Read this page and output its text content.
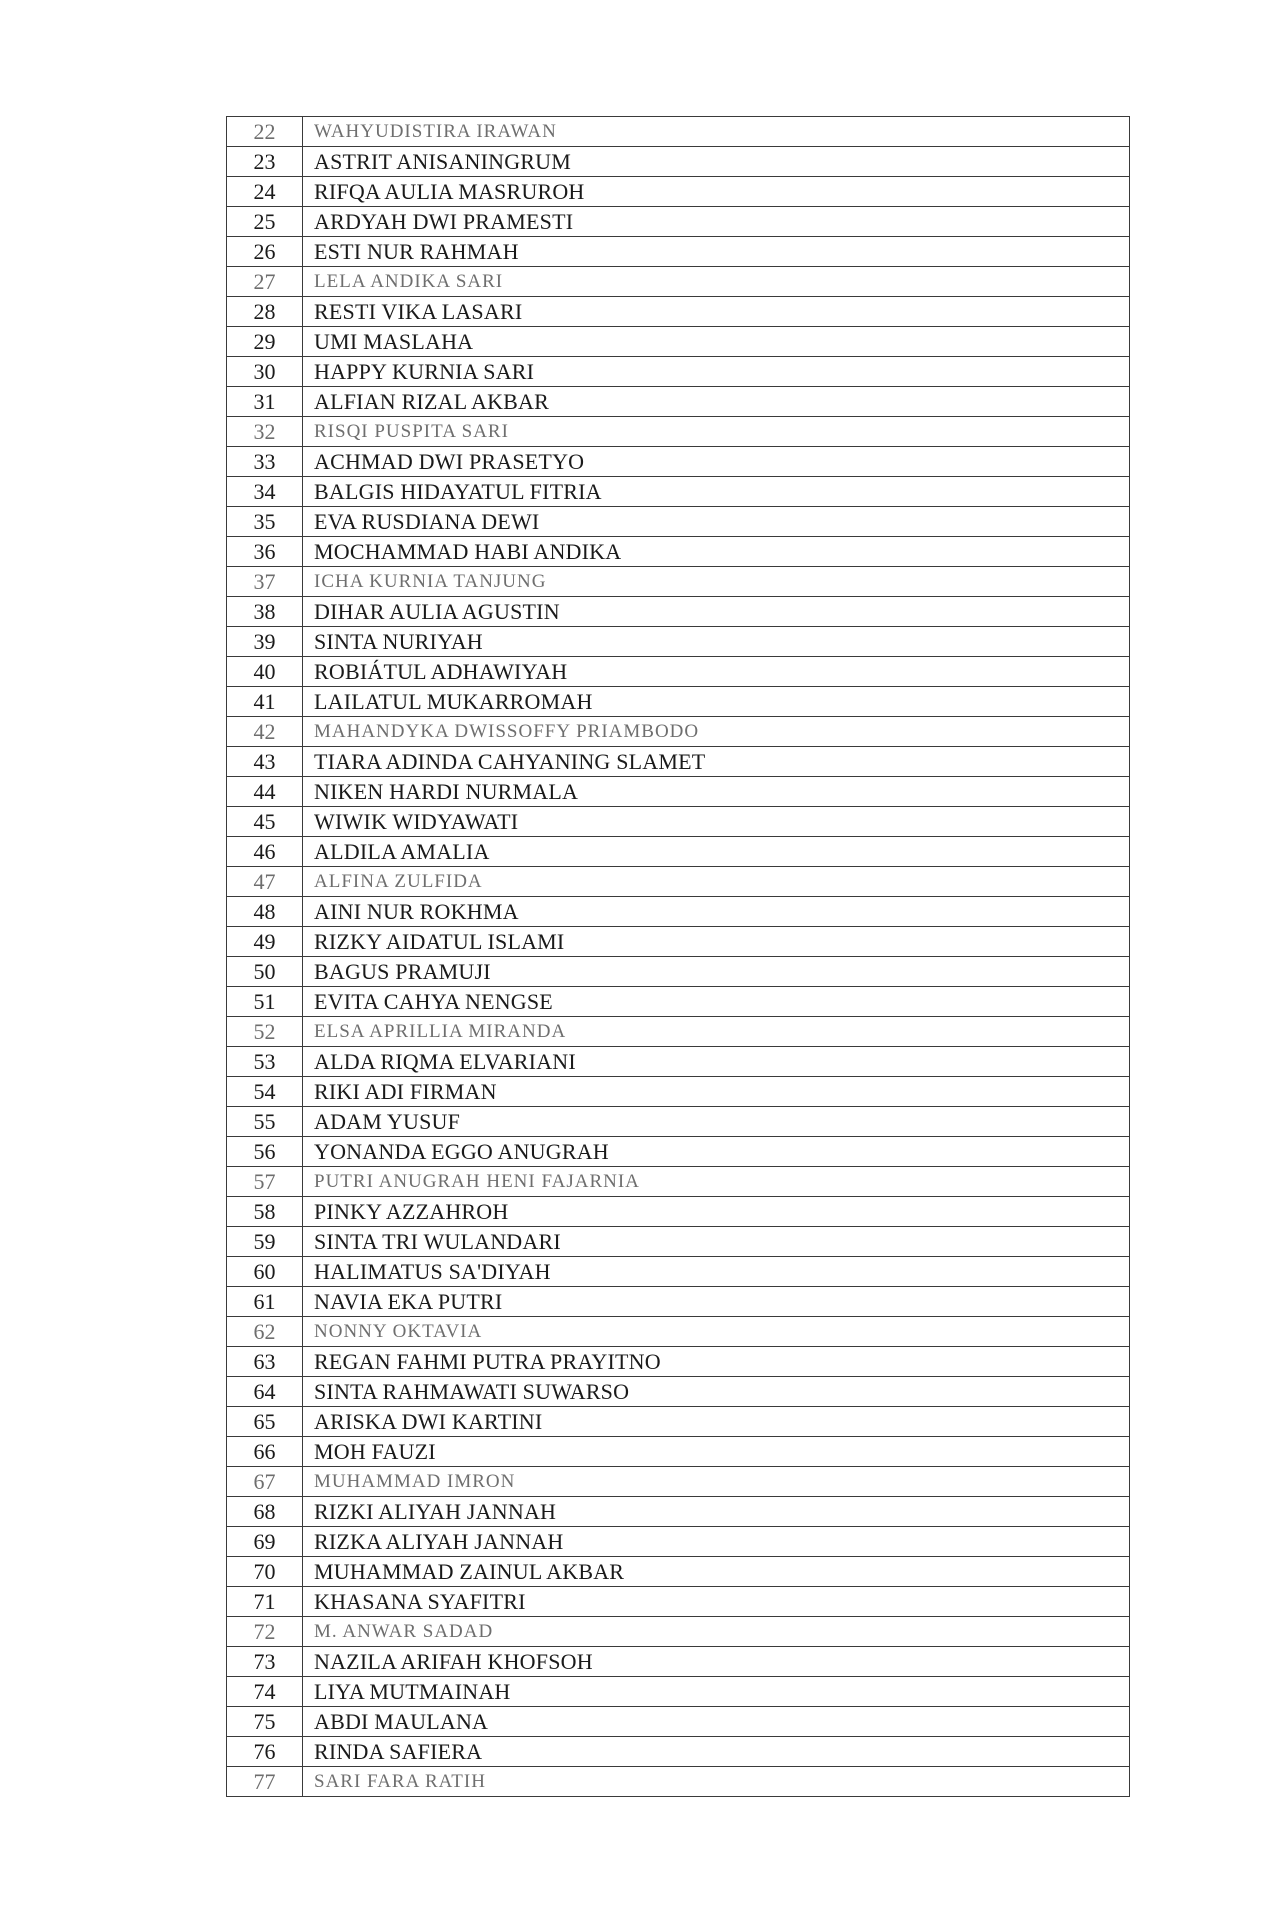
22	WAHYUDISTIRA IRAWAN
23	ASTRIT ANISANINGRUM
24	RIFQA AULIA MASRUROH
25	ARDYAH DWI PRAMESTI
26	ESTI NUR RAHMAH
27	LELA ANDIKA SARI
28	RESTI VIKA LASARI
29	UMI MASLAHA
30	HAPPY KURNIA SARI
31	ALFIAN RIZAL AKBAR
32	RISQI PUSPITA SARI
33	ACHMAD DWI PRASETYO
34	BALGIS HIDAYATUL FITRIA
35	EVA RUSDIANA DEWI
36	MOCHAMMAD HABI ANDIKA
37	ICHA KURNIA TANJUNG
38	DIHAR AULIA AGUSTIN
39	SINTA NURIYAH
40	ROBIÁTUL ADHAWIYAH
41	LAILATUL MUKARROMAH
42	MAHANDYKA DWISSOFFY PRIAMBODO
43	TIARA ADINDA CAHYANING SLAMET
44	NIKEN HARDI NURMALA
45	WIWIK WIDYAWATI
46	ALDILA AMALIA
47	ALFINA ZULFIDA
48	AINI NUR ROKHMA
49	RIZKY AIDATUL ISLAMI
50	BAGUS PRAMUJI
51	EVITA CAHYA NENGSE
52	ELSA APRILLIA MIRANDA
53	ALDA RIQMA ELVARIANI
54	RIKI ADI FIRMAN
55	ADAM YUSUF
56	YONANDA EGGO ANUGRAH
57	PUTRI ANUGRAH HENI FAJARNIA
58	PINKY AZZAHROH
59	SINTA TRI WULANDARI
60	HALIMATUS SA'DIYAH
61	NAVIA EKA PUTRI
62	NONNY OKTAVIA
63	REGAN FAHMI PUTRA PRAYITNO
64	SINTA RAHMAWATI SUWARSO
65	ARISKA DWI KARTINI
66	MOH FAUZI
67	MUHAMMAD IMRON
68	RIZKI ALIYAH JANNAH
69	RIZKA ALIYAH JANNAH
70	MUHAMMAD ZAINUL AKBAR
71	KHASANA SYAFITRI
72	M. ANWAR SADAD
73	NAZILA ARIFAH KHOFSOH
74	LIYA MUTMAINAH
75	ABDI MAULANA
76	RINDA SAFIERA
77	SARI FARA RATIH
